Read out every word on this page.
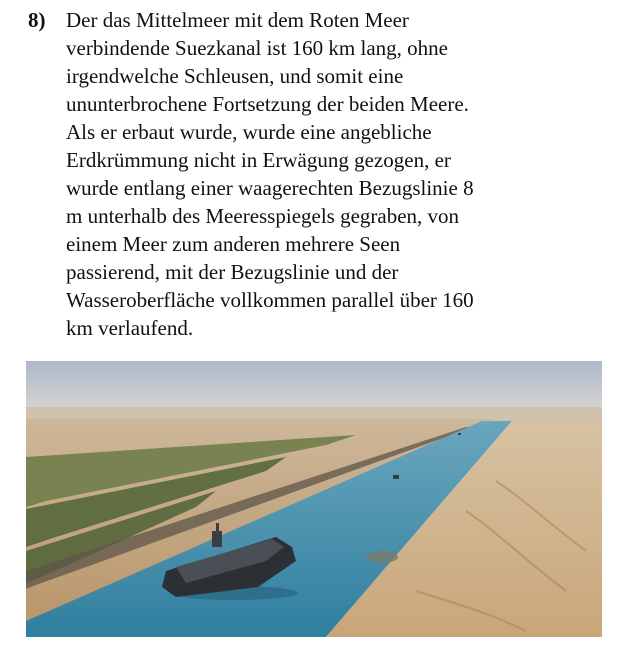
8) Der das Mittelmeer mit dem Roten Meer
verbindende Suezkanal ist 160 km lang, ohne
irgendwelche Schleusen, und somit eine
ununterbrochene Fortsetzung der beiden Meere.
Als er erbaut wurde, wurde eine angebliche
Erdkrümmung nicht in Erwägung gezogen, er
wurde entlang einer waagerechten Bezugslinie 8
m unterhalb des Meeresspiegels gegraben, von
einem Meer zum anderen mehrere Seen
passierend, mit der Bezugslinie und der
Wasseroberfläche vollkommen parallel über 160
km verlaufend.
